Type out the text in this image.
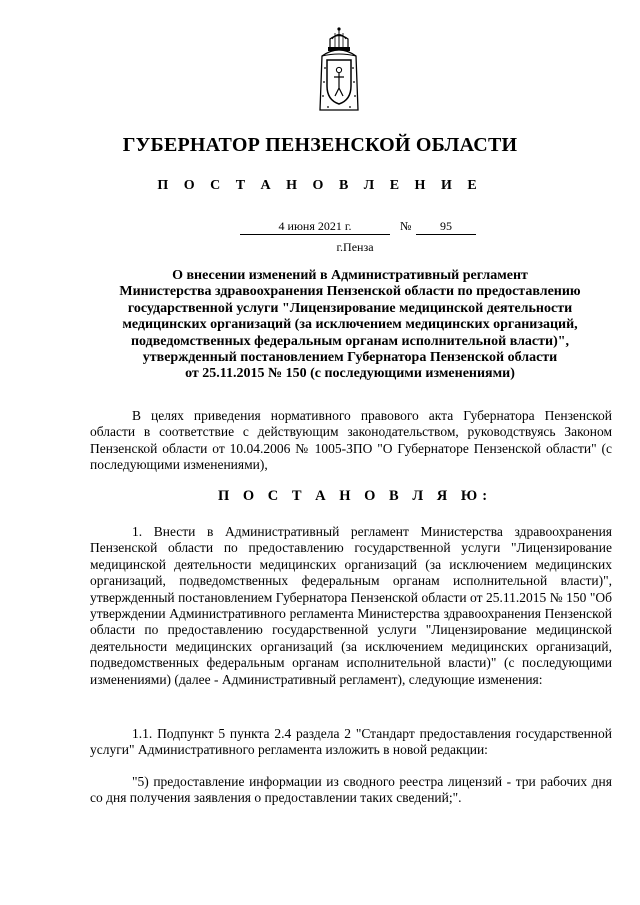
ГУБЕРНАТОР ПЕНЗЕНСКОЙ ОБЛАСТИ
П О С Т А Н О В Л Е Н И Е
4 июня 2021 г.	№	95
г.Пенза
О внесении изменений в Административный регламент
Министерства здравоохранения Пензенской области по предоставлению
государственной услуги "Лицензирование медицинской деятельности
медицинских организаций (за исключением медицинских организаций,
подведомственных федеральным органам исполнительной власти)",
утвержденный постановлением Губернатора Пензенской области
от 25.11.2015 № 150 (с последующими изменениями)
В целях приведения нормативного правового акта Губернатора Пензенской области в соответствие с действующим законодательством, руководствуясь Законом Пензенской области от 10.04.2006 № 1005-ЗПО "О Губернаторе Пензенской области" (с последующими изменениями),
П О С Т А Н О В Л Я Ю:
1. Внести в Административный регламент Министерства здравоохранения Пензенской области по предоставлению государственной услуги "Лицензирование медицинской деятельности медицинских организаций (за исключением медицинских организаций, подведомственных федеральным органам исполнительной власти)", утвержденный постановлением Губернатора Пензенской области от 25.11.2015 № 150 "Об утверждении Административного регламента Министерства здравоохранения Пензенской области по предоставлению государственной услуги "Лицензирование медицинской деятельности медицинских организаций (за исключением медицинских организаций, подведомственных федеральным органам исполнительной власти)" (с последующими изменениями) (далее - Административный регламент), следующие изменения:
1.1. Подпункт 5 пункта 2.4 раздела 2 "Стандарт предоставления государственной услуги" Административного регламента изложить в новой редакции:
"5) предоставление информации из сводного реестра лицензий - три рабочих дня со дня получения заявления о предоставлении таких сведений;".
